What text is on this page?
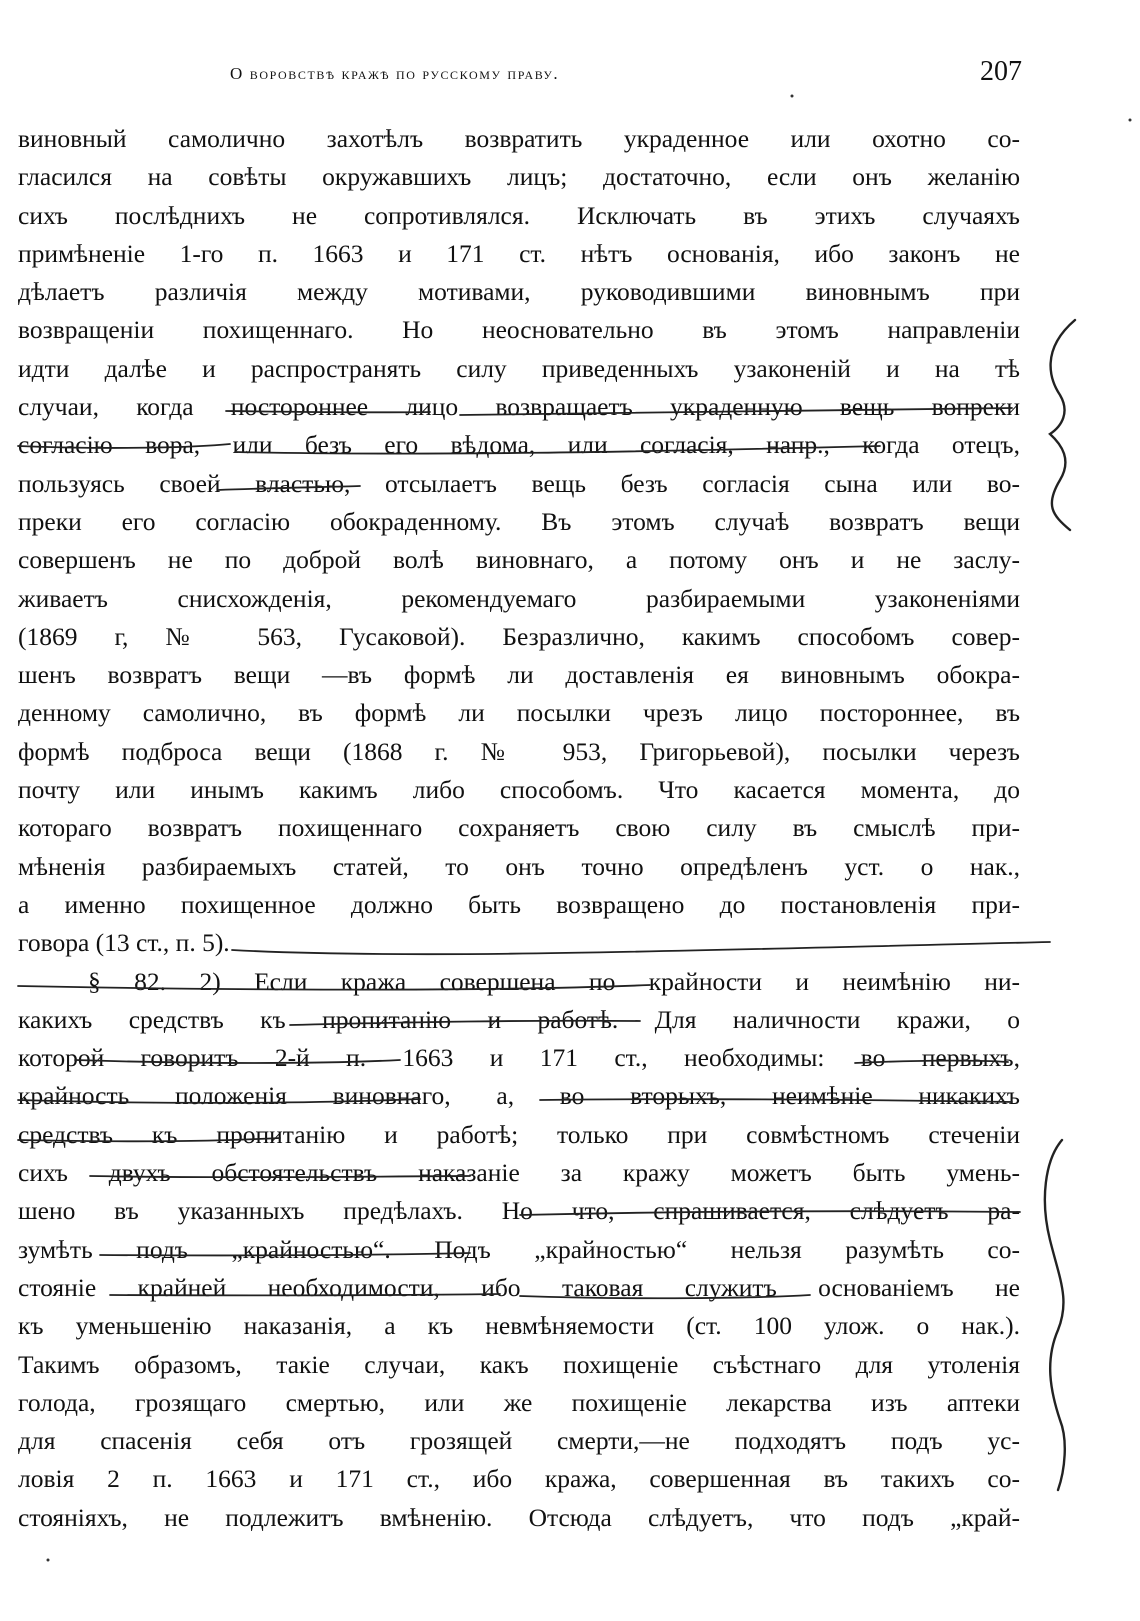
О воровствѣ кражѣ по русскому праву.	207
виновный самолично захотѣлъ возвратить украденное или охотно со-
гласился на совѣты окружавшихъ лицъ; достаточно, если онъ желанію
сихъ послѣднихъ не сопротивлялся. Исключать въ этихъ случаяхъ
примѣненіе 1-го п. 1663 и 171 ст. нѣтъ основанія, ибо законъ не
дѣлаетъ различія между мотивами, руководившими виновнымъ при
возвращеніи похищеннаго. Но неосновательно въ этомъ направленіи
идти далѣе и распространять силу приведенныхъ узаконеній и на тѣ
случаи, когда постороннее лицо возвращаетъ украденную вещь вопреки
согласію вора, или безъ его вѣдома, или согласія, напр., когда отецъ,
пользуясь своей властью, отсылаетъ вещь безъ согласія сына или во-
преки его согласію обокраденному. Въ этомъ случаѣ возвратъ вещи
совершенъ не по доброй волѣ виновнаго, а потому онъ и не заслу-
живаетъ снисхожденія, рекомендуемаго разбираемыми узаконеніями
(1869 г, № 563, Гусаковой). Безразлично, какимъ способомъ совер-
шенъ возвратъ вещи —въ формѣ ли доставленія ея виновнымъ обокра-
денному самолично, въ формѣ ли посылки чрезъ лицо постороннее, въ
формѣ подброса вещи (1868 г. № 953, Григорьевой), посылки черезъ
почту или инымъ какимъ либо способомъ. Что касается момента, до
котораго возвратъ похищеннаго сохраняетъ свою силу въ смыслѣ при-
мѣненія разбираемыхъ статей, то онъ точно опредѣленъ уст. о нак.,
а именно похищенное должно быть возвращено до постановленія при-
говора (13 ст., п. 5).
§ 82. 2) Если кража совершена по крайности и неимѣнію ни-
какихъ средствъ къ пропитанію и работѣ. Для наличности кражи, о
которой говоритъ 2-й п. 1663 и 171 ст., необходимы: во первыхъ,
крайность положенія виновнаго, а, во вторыхъ, неимѣніе никакихъ
средствъ къ пропитанію и работѣ; только при совмѣстномъ стеченіи
сихъ двухъ обстоятельствъ наказаніе за кражу можетъ быть умень-
шено въ указанныхъ предѣлахъ. Но что, спрашивается, слѣдуетъ ра-
зумѣть подъ „крайностью“. Подъ „крайностью“ нельзя разумѣть со-
стояніе крайней необходимости, ибо таковая служитъ основаніемъ не
къ уменьшенію наказанія, а къ невмѣняемости (ст. 100 улож. о нак.).
Такимъ образомъ, такіе случаи, какъ похищеніе съѣстнаго для утоленія
голода, грозящаго смертью, или же похищеніе лекарства изъ аптеки
для спасенія себя отъ грозящей смерти,—не подходятъ подъ ус-
ловія 2 п. 1663 и 171 ст., ибо кража, совершенная въ такихъ со-
стояніяхъ, не подлежитъ вмѣненію. Отсюда слѣдуетъ, что подъ „край-
